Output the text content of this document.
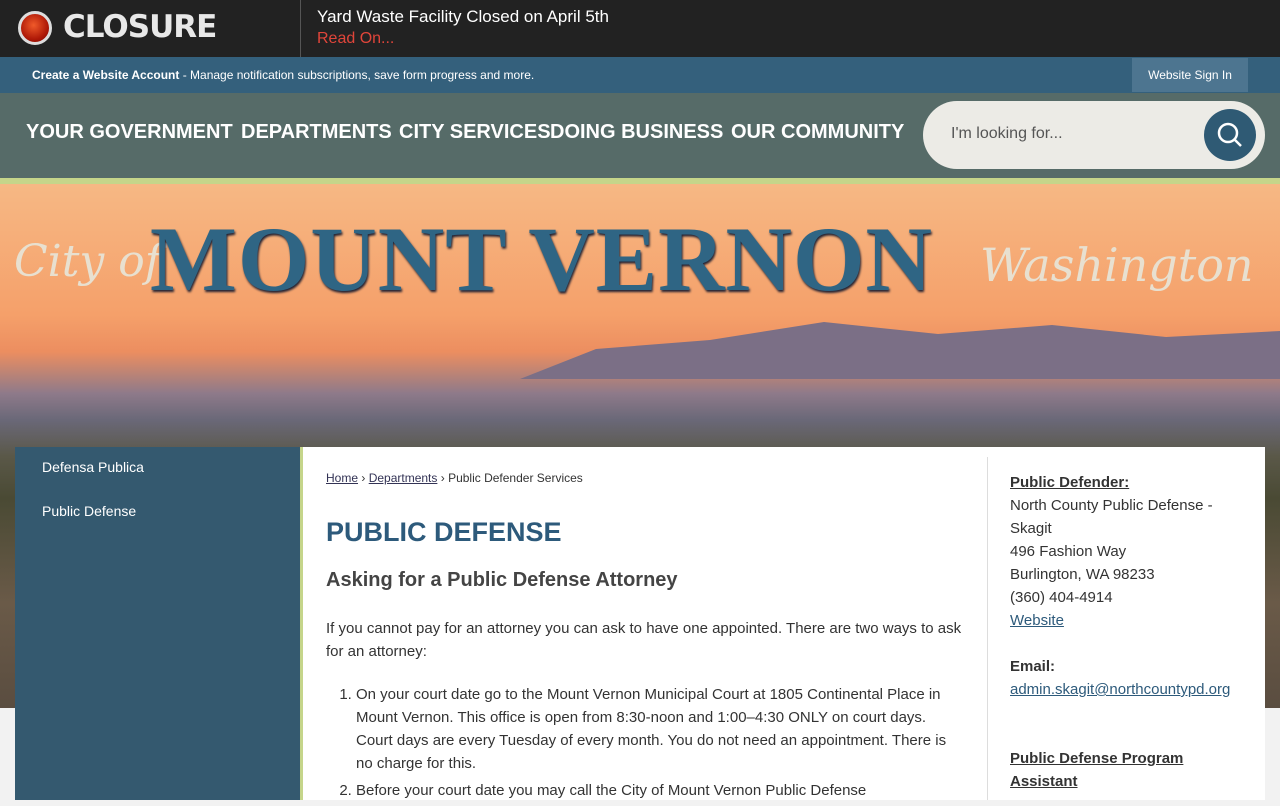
CLOSURE	Yard Waste Facility Closed on April 5th
Read On...
Create a Website Account - Manage notification subscriptions, save form progress and more.	Website Sign In
YOUR GOVERNMENT DEPARTMENTS CITY SERVICES DOING BUSINESS OUR COMMUNITY	I'm looking for...
City of
MOUNT VERNON Washington
Defensa Publica
Public Defense
Home › Departments › Public Defender Services
PUBLIC DEFENSE
Asking for a Public Defense Attorney
If you cannot pay for an attorney you can ask to have one appointed. There are two ways to ask for an attorney:
1. On your court date go to the Mount Vernon Municipal Court at 1805 Continental Place in Mount Vernon. This office is open from 8:30-noon and 1:00–4:30 ONLY on court days. Court days are every Tuesday of every month. You do not need an appointment. There is no charge for this.
2. Before your court date you may call the City of Mount Vernon Public Defense
Public Defender:
North County Public Defense - Skagit
496 Fashion Way
Burlington, WA 98233
(360) 404-4914
Website
Email:
admin.skagit@northcountypd.org
Public Defense Program Assistant
